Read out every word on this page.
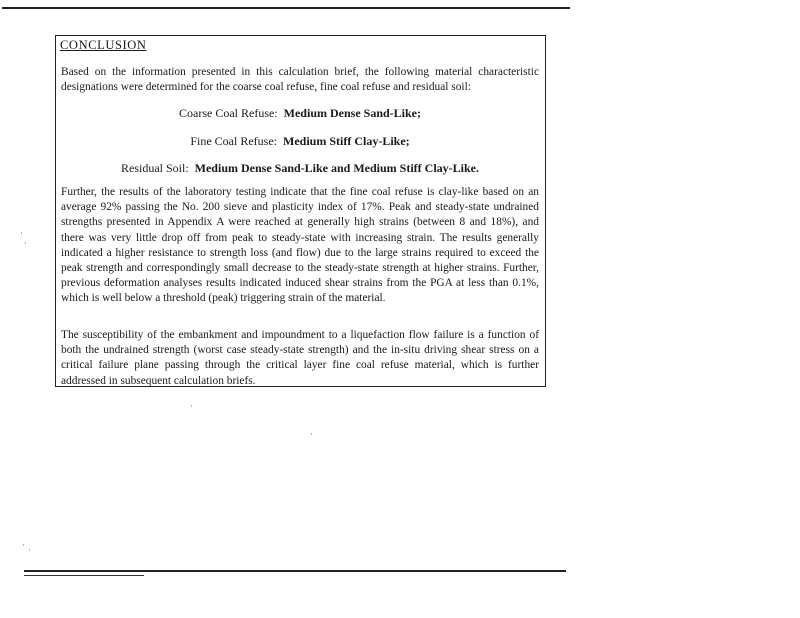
CONCLUSION

Based on the information presented in this calculation brief, the following material characteristic designations were determined for the coarse coal refuse, fine coal refuse and residual soil:

Coarse Coal Refuse: Medium Dense Sand-Like;
Fine Coal Refuse: Medium Stiff Clay-Like;
Residual Soil: Medium Dense Sand-Like and Medium Stiff Clay-Like.

Further, the results of the laboratory testing indicate that the fine coal refuse is clay-like based on an average 92% passing the No. 200 sieve and plasticity index of 17%. Peak and steady-state undrained strengths presented in Appendix A were reached at generally high strains (between 8 and 18%), and there was very little drop off from peak to steady-state with increasing strain. The results generally indicated a higher resistance to strength loss (and flow) due to the large strains required to exceed the peak strength and correspondingly small decrease to the steady-state strength at higher strains. Further, previous deformation analyses results indicated induced shear strains from the PGA at less than 0.1%, which is well below a threshold (peak) triggering strain of the material.

The susceptibility of the embankment and impoundment to a liquefaction flow failure is a function of both the undrained strength (worst case steady-state strength) and the in-situ driving shear stress on a critical failure plane passing through the critical layer fine coal refuse material, which is further addressed in subsequent calculation briefs.

·
·
· ·
·
·
